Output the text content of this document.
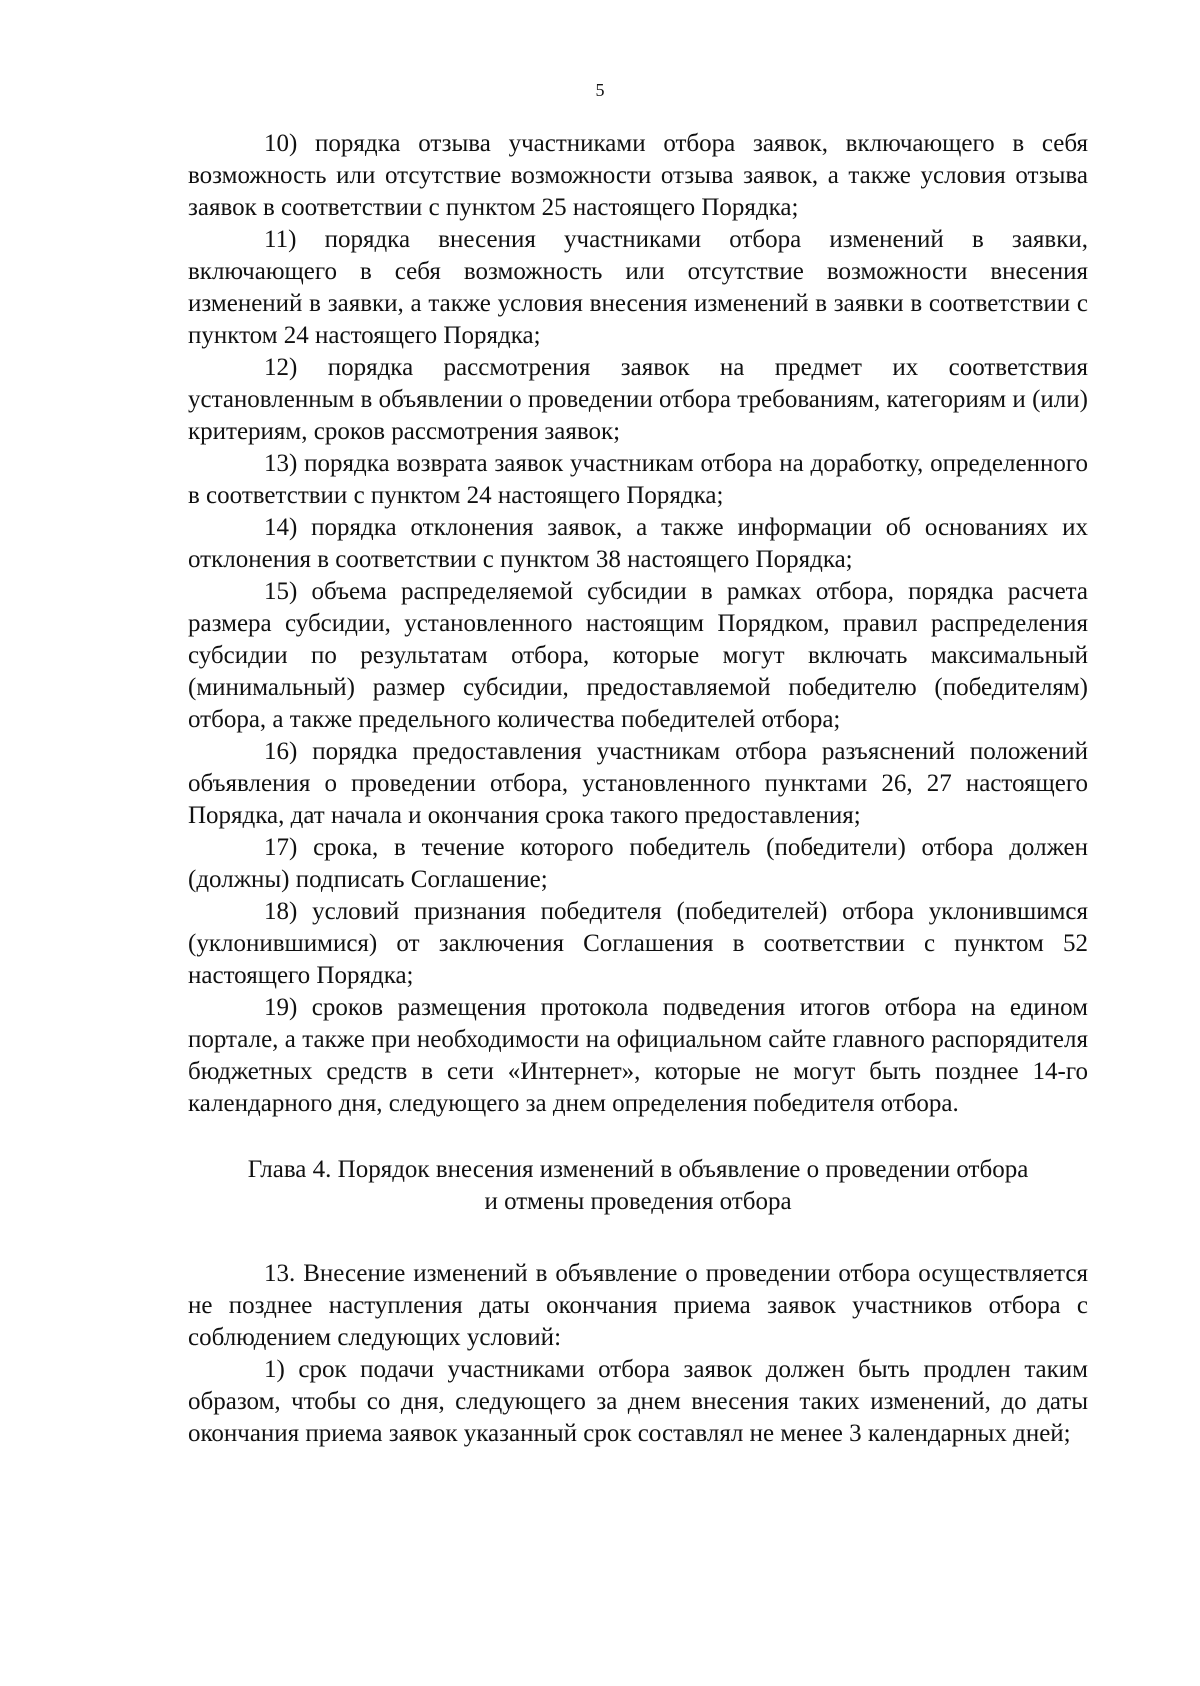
5

10) порядка отзыва участниками отбора заявок, включающего в себя возможность или отсутствие возможности отзыва заявок, а также условия отзыва заявок в соответствии с пунктом 25 настоящего Порядка;

11) порядка внесения участниками отбора изменений в заявки, включающего в себя возможность или отсутствие возможности внесения изменений в заявки, а также условия внесения изменений в заявки в соответствии с пунктом 24 настоящего Порядка;

12) порядка рассмотрения заявок на предмет их соответствия установленным в объявлении о проведении отбора требованиям, категориям и (или) критериям, сроков рассмотрения заявок;

13) порядка возврата заявок участникам отбора на доработку, определенного в соответствии с пунктом 24 настоящего Порядка;

14) порядка отклонения заявок, а также информации об основаниях их отклонения в соответствии с пунктом 38 настоящего Порядка;

15) объема распределяемой субсидии в рамках отбора, порядка расчета размера субсидии, установленного настоящим Порядком, правил распределения субсидии по результатам отбора, которые могут включать максимальный (минимальный) размер субсидии, предоставляемой победителю (победителям) отбора, а также предельного количества победителей отбора;

16) порядка предоставления участникам отбора разъяснений положений объявления о проведении отбора, установленного пунктами 26, 27 настоящего Порядка, дат начала и окончания срока такого предоставления;

17) срока, в течение которого победитель (победители) отбора должен (должны) подписать Соглашение;

18) условий признания победителя (победителей) отбора уклонившимся (уклонившимися) от заключения Соглашения в соответствии с пунктом 52 настоящего Порядка;

19) сроков размещения протокола подведения итогов отбора на едином портале, а также при необходимости на официальном сайте главного распорядителя бюджетных средств в сети «Интернет», которые не могут быть позднее 14-го календарного дня, следующего за днем определения победителя отбора.

Глава 4. Порядок внесения изменений в объявление о проведении отбора
и отмены проведения отбора

13. Внесение изменений в объявление о проведении отбора осуществляется не позднее наступления даты окончания приема заявок участников отбора с соблюдением следующих условий:

1) срок подачи участниками отбора заявок должен быть продлен таким образом, чтобы со дня, следующего за днем внесения таких изменений, до даты окончания приема заявок указанный срок составлял не менее 3 календарных дней;
